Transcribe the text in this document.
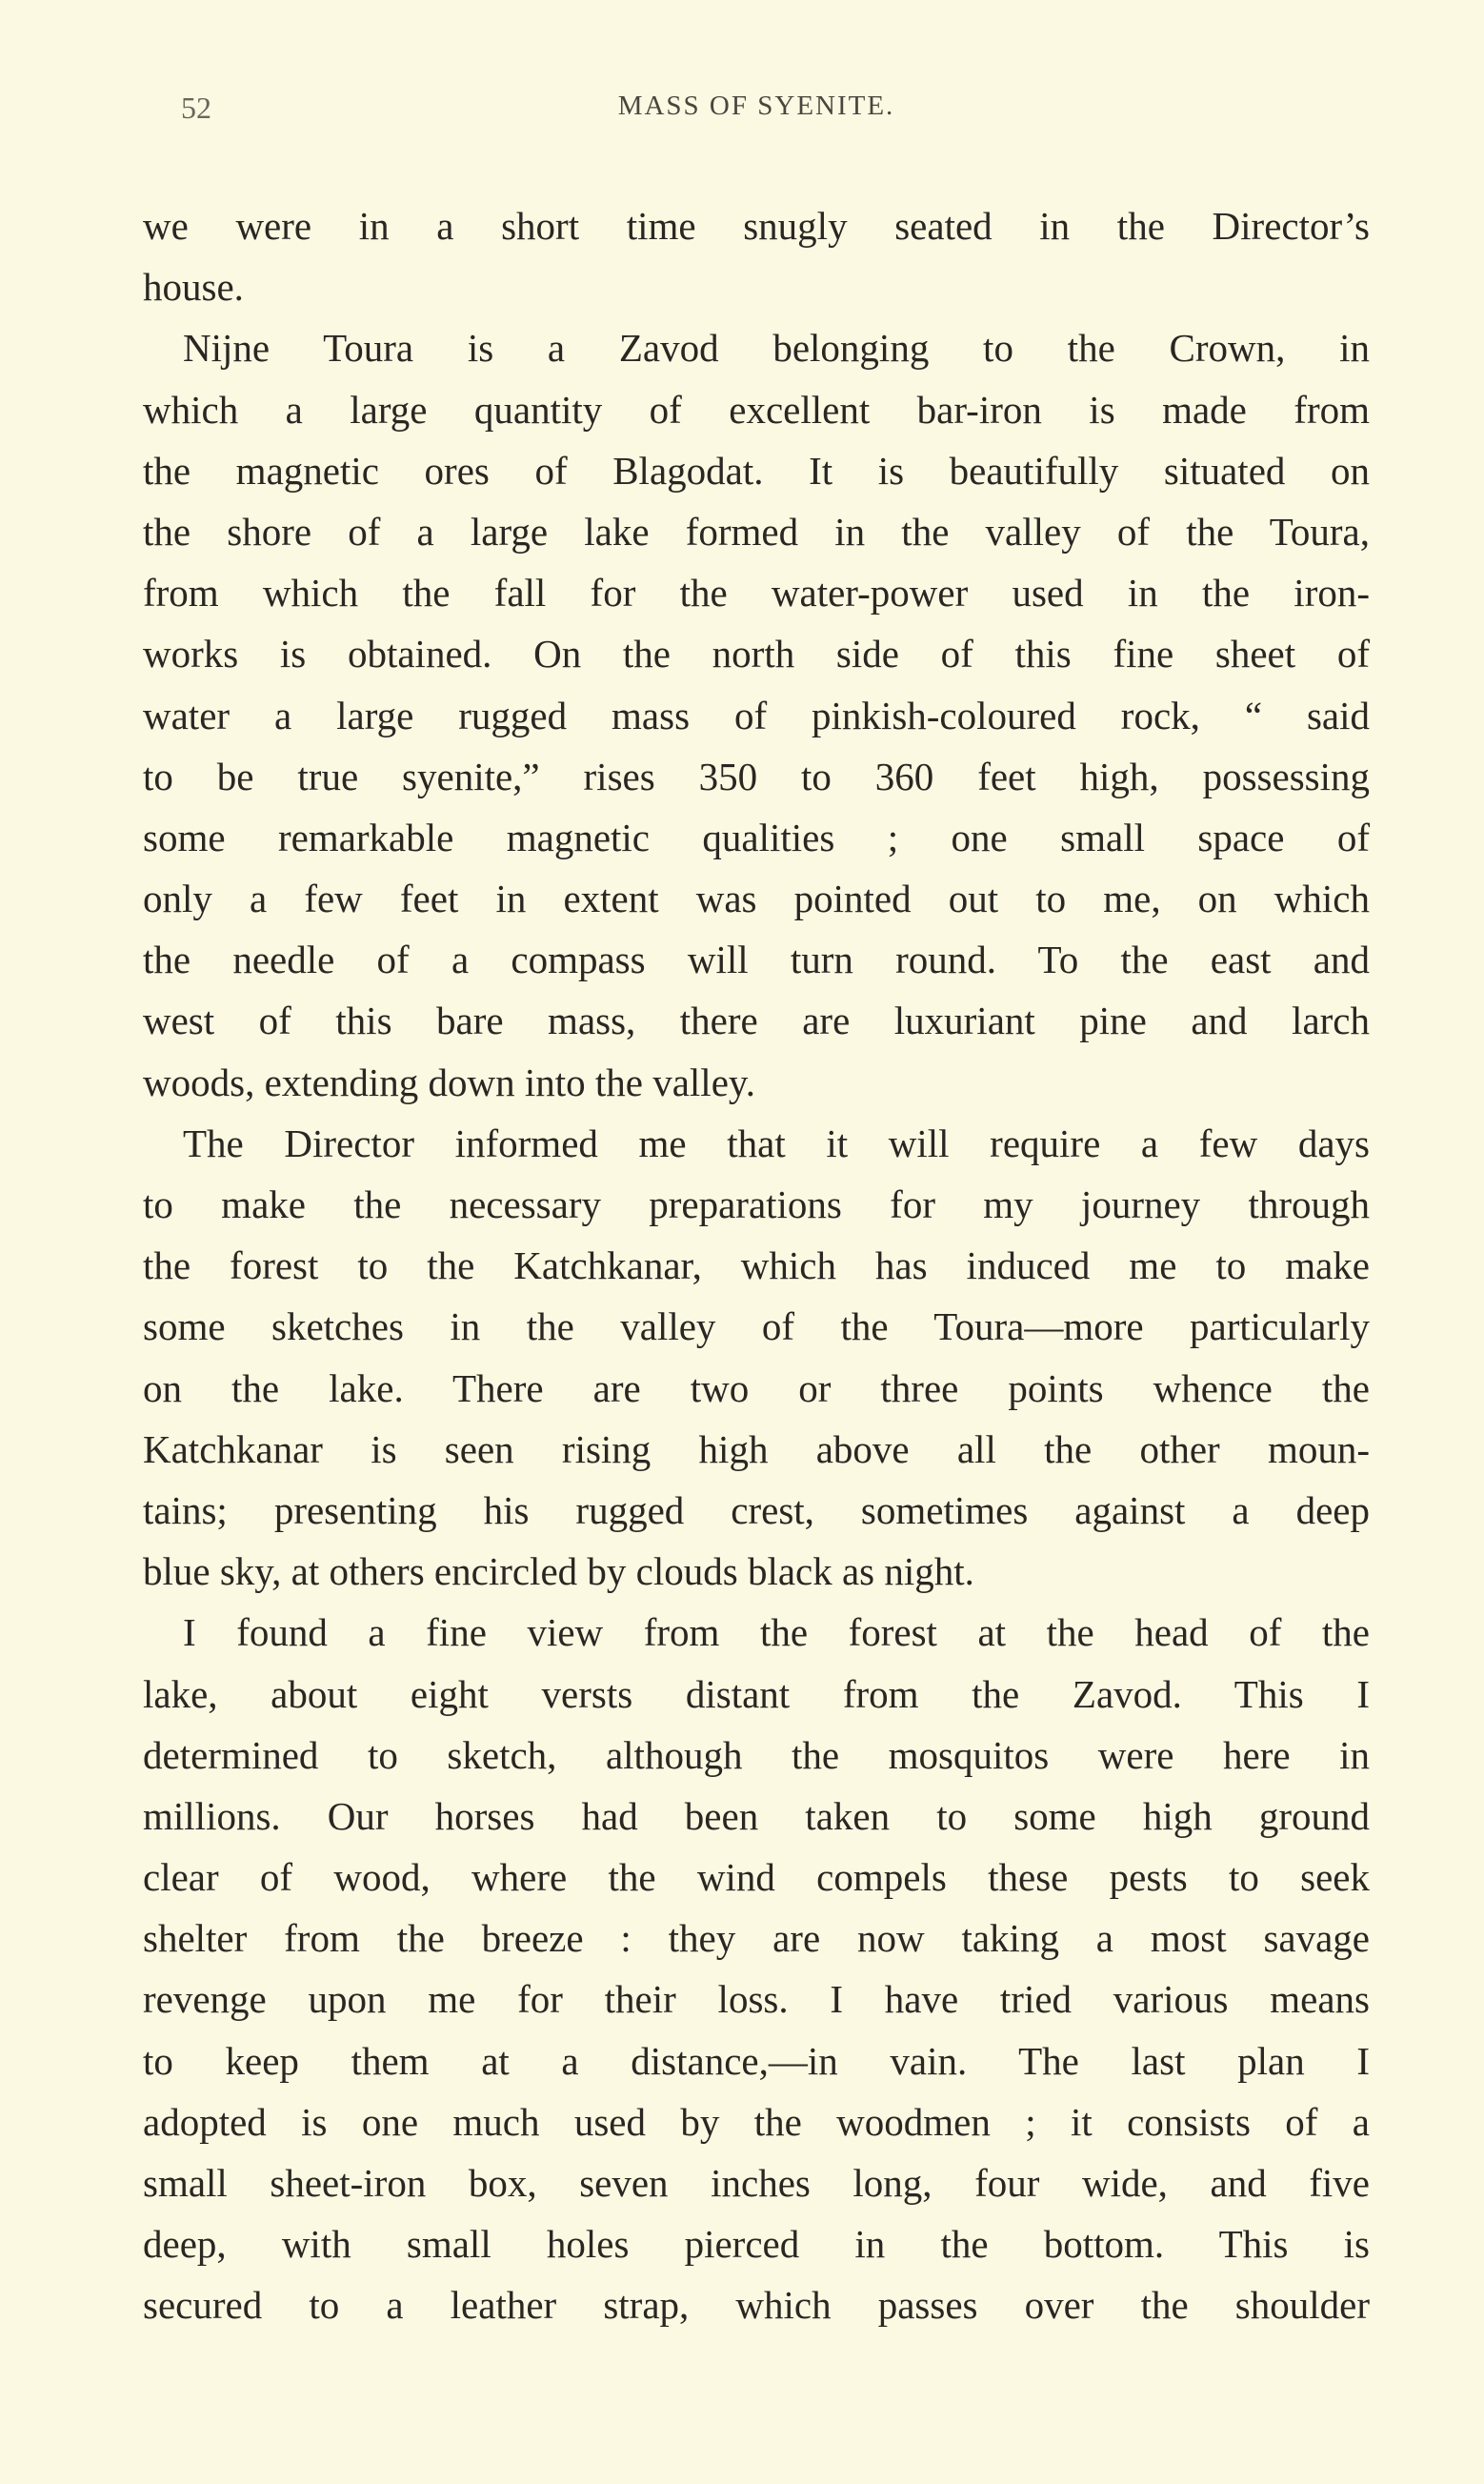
52	MASS OF SYENITE.
we were in a short time snugly seated in the Director’s
house.
Nijne Toura is a Zavod belonging to the Crown, in
which a large quantity of excellent bar-iron is made from
the magnetic ores of Blagodat. It is beautifully situated on
the shore of a large lake formed in the valley of the Toura,
from which the fall for the water-power used in the iron-
works is obtained. On the north side of this fine sheet of
water a large rugged mass of pinkish-coloured rock, “ said
to be true syenite,” rises 350 to 360 feet high, possessing
some remarkable magnetic qualities ; one small space of
only a few feet in extent was pointed out to me, on which
the needle of a compass will turn round. To the east and
west of this bare mass, there are luxuriant pine and larch
woods, extending down into the valley.
The Director informed me that it will require a few days
to make the necessary preparations for my journey through
the forest to the Katchkanar, which has induced me to make
some sketches in the valley of the Toura—more particularly
on the lake. There are two or three points whence the
Katchkanar is seen rising high above all the other moun-
tains; presenting his rugged crest, sometimes against a deep
blue sky, at others encircled by clouds black as night.
I found a fine view from the forest at the head of the
lake, about eight versts distant from the Zavod. This I
determined to sketch, although the mosquitos were here in
millions. Our horses had been taken to some high ground
clear of wood, where the wind compels these pests to seek
shelter from the breeze : they are now taking a most savage
revenge upon me for their loss. I have tried various means
to keep them at a distance,—in vain. The last plan I
adopted is one much used by the woodmen ; it consists of a
small sheet-iron box, seven inches long, four wide, and five
deep, with small holes pierced in the bottom. This is
secured to a leather strap, which passes over the shoulder
